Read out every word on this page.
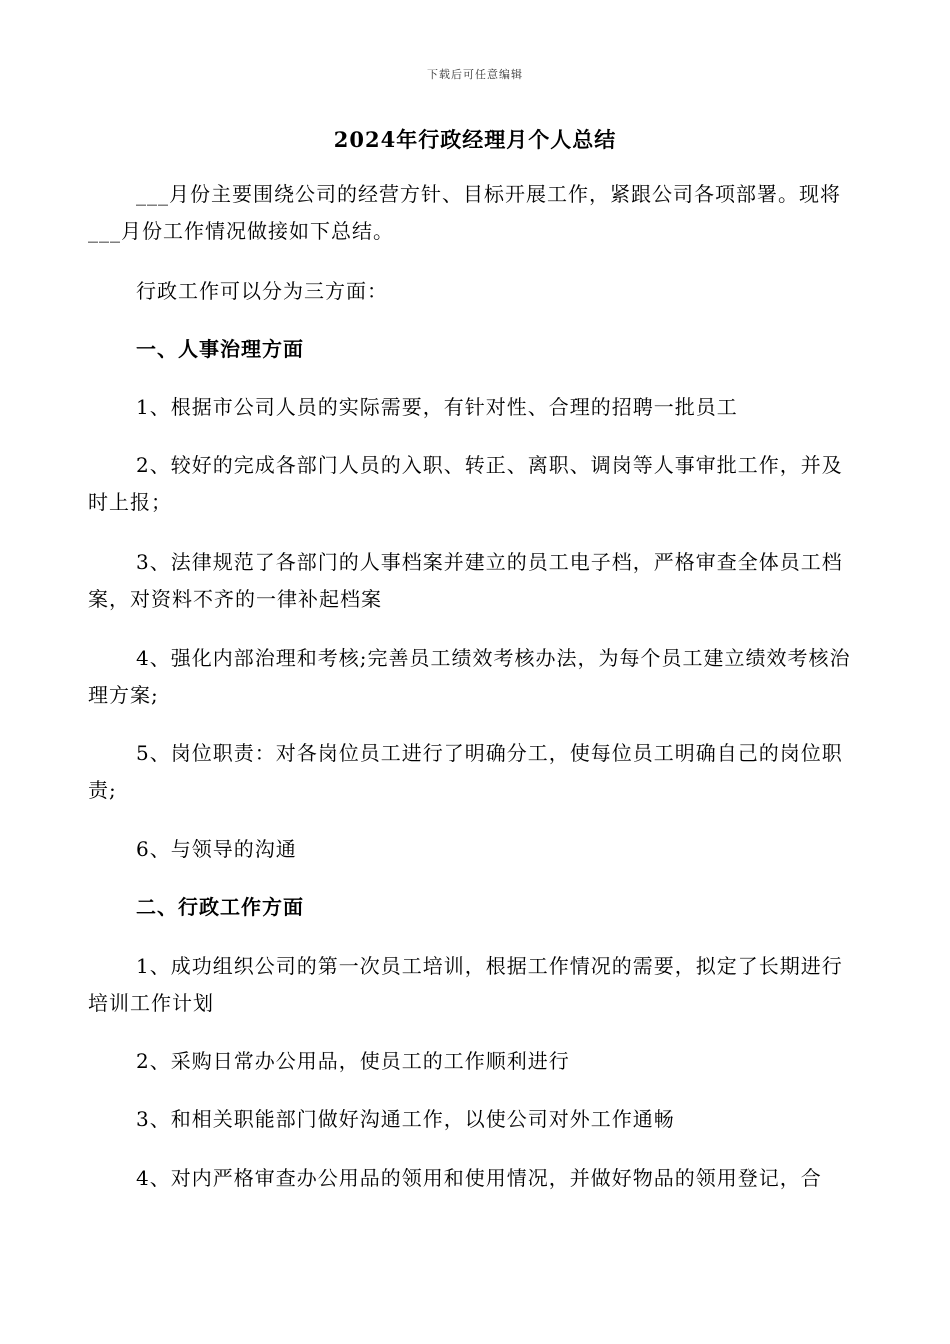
下载后可任意编辑
2024年行政经理月个人总结

___月份主要围绕公司的经营方针、目标开展工作，紧跟公司各项部署。现将___月份工作情况做接如下总结。

行政工作可以分为三方面：

一、人事治理方面

1、根据市公司人员的实际需要，有针对性、合理的招聘一批员工

2、较好的完成各部门人员的入职、转正、离职、调岗等人事审批工作，并及时上报；

3、法律规范了各部门的人事档案并建立的员工电子档，严格审查全体员工档案，对资料不齐的一律补起档案

4、强化内部治理和考核;完善员工绩效考核办法，为每个员工建立绩效考核治理方案;

5、岗位职责：对各岗位员工进行了明确分工，使每位员工明确自己的岗位职责;

6、与领导的沟通

二、行政工作方面

1、成功组织公司的第一次员工培训，根据工作情况的需要，拟定了长期进行培训工作计划

2、采购日常办公用品，使员工的工作顺利进行

3、和相关职能部门做好沟通工作，以使公司对外工作通畅

4、对内严格审查办公用品的领用和使用情况，并做好物品的领用登记，合
